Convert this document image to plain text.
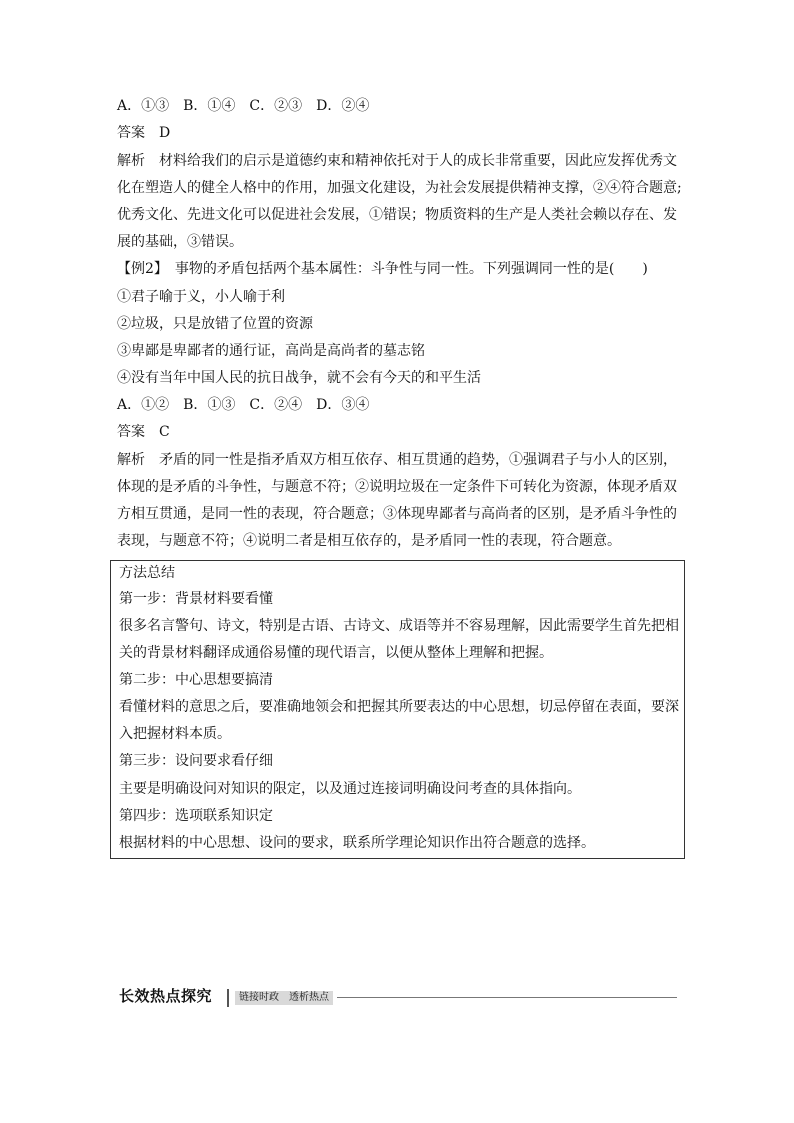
A．①③　B．①④　C．②③　D．②④
答案　D
解析　材料给我们的启示是道德约束和精神依托对于人的成长非常重要，因此应发挥优秀文
化在塑造人的健全人格中的作用，加强文化建设，为社会发展提供精神支撑，②④符合题意;
优秀文化、先进文化可以促进社会发展，①错误；物质资料的生产是人类社会赖以存在、发
展的基础，③错误。
【例2】　事物的矛盾包括两个基本属性：斗争性与同一性。下列强调同一性的是(　　)
①君子喻于义，小人喻于利
②垃圾，只是放错了位置的资源
③卑鄙是卑鄙者的通行证，高尚是高尚者的墓志铭
④没有当年中国人民的抗日战争，就不会有今天的和平生活
A．①②　B．①③　C．②④　D．③④
答案　C
解析　矛盾的同一性是指矛盾双方相互依存、相互贯通的趋势，①强调君子与小人的区别，
体现的是矛盾的斗争性，与题意不符；②说明垃圾在一定条件下可转化为资源，体现矛盾双
方相互贯通，是同一性的表现，符合题意；③体现卑鄙者与高尚者的区别，是矛盾斗争性的
表现，与题意不符；④说明二者是相互依存的，是矛盾同一性的表现，符合题意。
方法总结
第一步：背景材料要看懂
很多名言警句、诗文，特别是古语、古诗文、成语等并不容易理解，因此需要学生首先把相
关的背景材料翻译成通俗易懂的现代语言，以便从整体上理解和把握。
第二步：中心思想要搞清
看懂材料的意思之后，要准确地领会和把握其所要表达的中心思想，切忌停留在表面，要深
入把握材料本质。
第三步：设问要求看仔细
主要是明确设问对知识的限定，以及通过连接词明确设问考查的具体指向。
第四步：选项联系知识定
根据材料的中心思想、设问的要求，联系所学理论知识作出符合题意的选择。
长效热点探究	链接时政　透析热点
